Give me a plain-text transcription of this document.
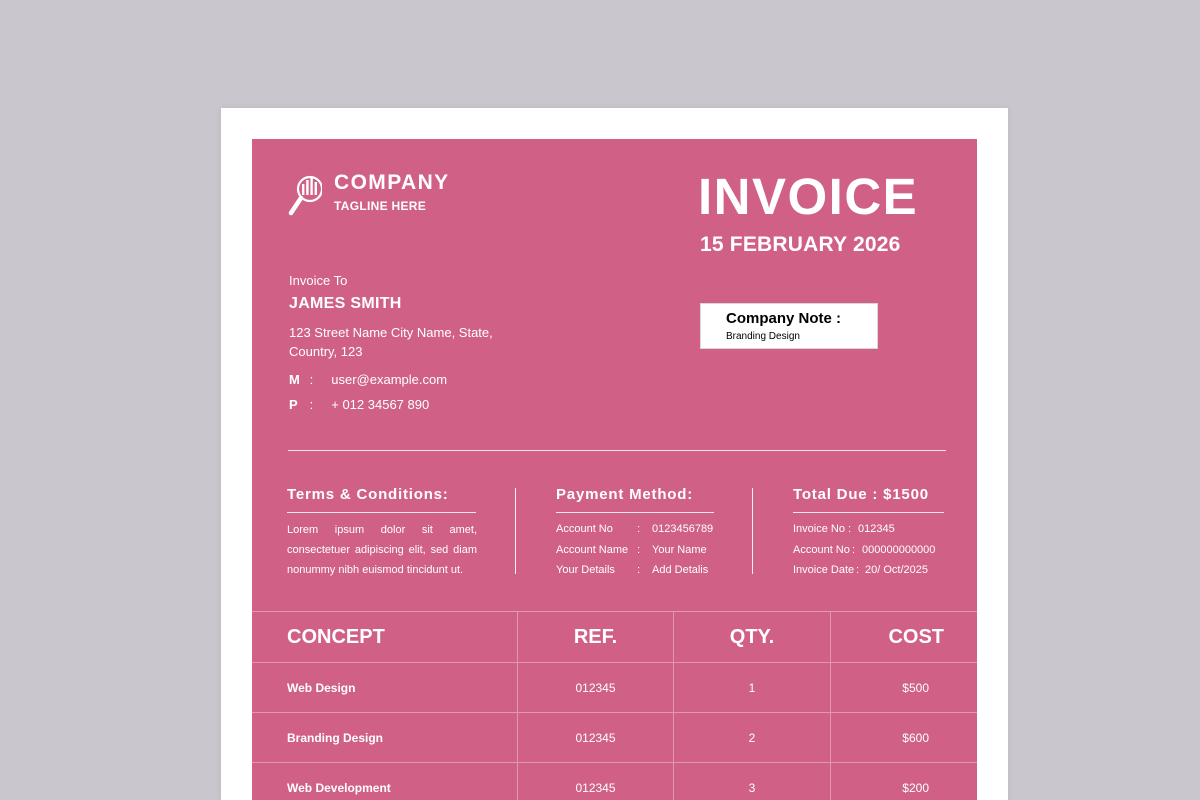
COMPANY
TAGLINE HERE	INVOICE
15 FEBRUARY 2026
Company Note :
Branding Design
Invoice To
JAMES SMITH
123 Street Name City Name, State, Country, 123
M : user@example.com
P : + 012 34567 890
Terms & Conditions:
Lorem ipsum dolor sit amet, consectetuer adipiscing elit, sed diam nonummy nibh euismod tincidunt ut.
Payment Method:
Account No : 0123456789
Account Name : Your Name
Your Details : Add Detalis
Total Due : $1500
Invoice No : 012345
Account No : 000000000000
Invoice Date : 20/ Oct/2025
CONCEPT	REF.	QTY.	COST
Web Design	012345	1	$500
Branding Design	012345	2	$600
Web Development	012345	3	$200
